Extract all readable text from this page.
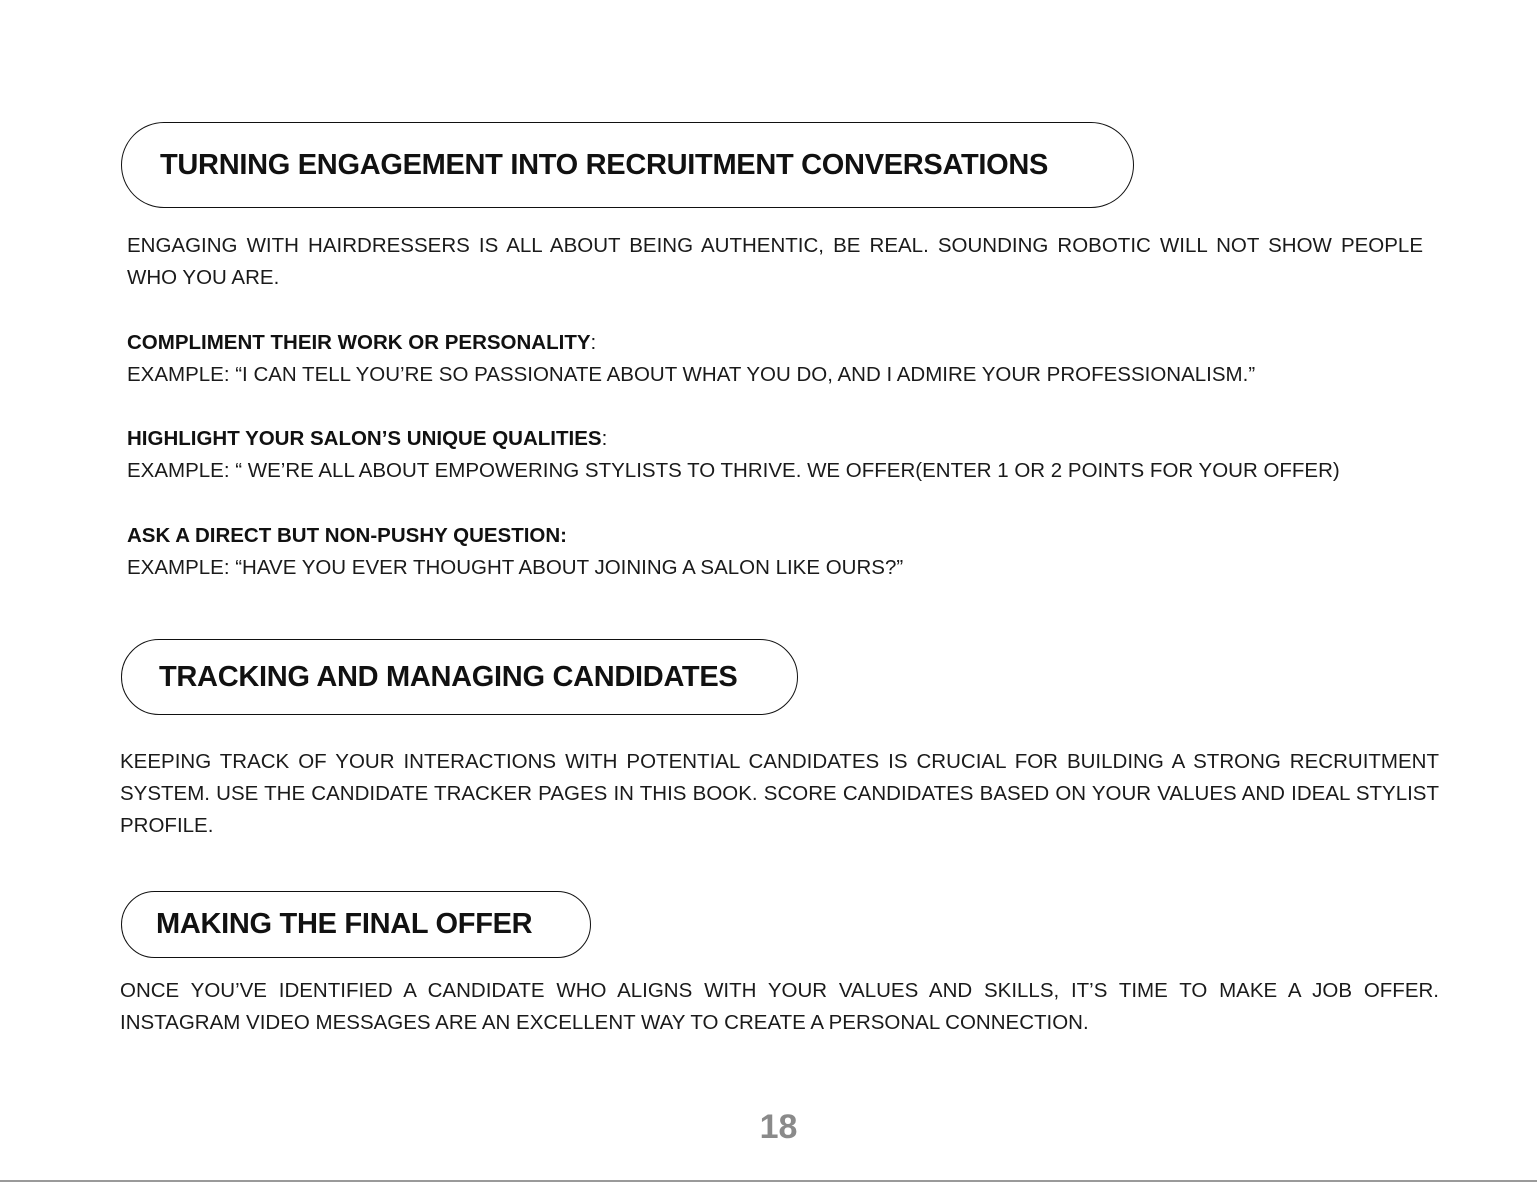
TURNING ENGAGEMENT INTO RECRUITMENT CONVERSATIONS
ENGAGING WITH HAIRDRESSERS IS ALL ABOUT BEING AUTHENTIC, BE REAL. SOUNDING ROBOTIC WILL NOT SHOW PEOPLE WHO YOU ARE.
COMPLIMENT THEIR WORK OR PERSONALITY:
EXAMPLE: “I CAN TELL YOU’RE SO PASSIONATE ABOUT WHAT YOU DO, AND I ADMIRE YOUR PROFESSIONALISM.”
HIGHLIGHT YOUR SALON’S UNIQUE QUALITIES:
EXAMPLE: “ WE’RE ALL ABOUT EMPOWERING STYLISTS TO THRIVE. WE OFFER(ENTER 1 OR 2 POINTS FOR YOUR OFFER)
ASK A DIRECT BUT NON-PUSHY QUESTION:
EXAMPLE: “HAVE YOU EVER THOUGHT ABOUT JOINING A SALON LIKE OURS?”
TRACKING AND MANAGING CANDIDATES
KEEPING TRACK OF YOUR INTERACTIONS WITH POTENTIAL CANDIDATES IS CRUCIAL FOR BUILDING A STRONG RECRUITMENT SYSTEM. USE THE CANDIDATE TRACKER PAGES IN THIS BOOK. SCORE CANDIDATES BASED ON YOUR VALUES AND IDEAL STYLIST PROFILE.
MAKING THE FINAL OFFER
ONCE YOU’VE IDENTIFIED A CANDIDATE WHO ALIGNS WITH YOUR VALUES AND SKILLS, IT’S TIME TO MAKE A JOB OFFER. INSTAGRAM VIDEO MESSAGES ARE AN EXCELLENT WAY TO CREATE A PERSONAL CONNECTION.
18
